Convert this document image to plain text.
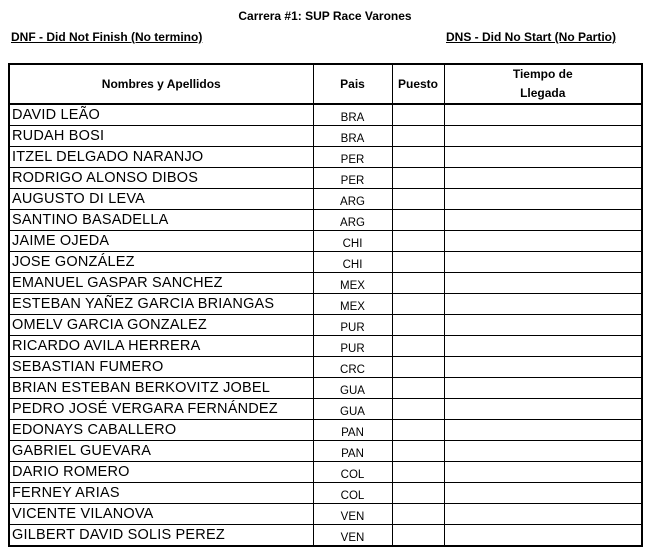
Carrera #1: SUP Race Varones
DNF - Did Not Finish (No termino)	DNS - Did No Start (No Partio)
Nombres y Apellidos	Pais	Puesto	Tiempo de
Llegada

DAVID LEÃO	BRA		
RUDAH BOSI	BRA		
ITZEL DELGADO NARANJO	PER		
RODRIGO ALONSO DIBOS	PER		
AUGUSTO DI LEVA	ARG		
SANTINO BASADELLA	ARG		
JAIME OJEDA	CHI		
JOSE GONZÁLEZ	CHI		
EMANUEL GASPAR SANCHEZ	MEX		
ESTEBAN YAÑEZ GARCIA BRIANGAS	MEX		
OMELV GARCIA GONZALEZ	PUR		
RICARDO AVILA HERRERA	PUR		
SEBASTIAN FUMERO	CRC		
BRIAN ESTEBAN BERKOVITZ JOBEL	GUA		
PEDRO JOSÉ VERGARA FERNÁNDEZ	GUA		
EDONAYS CABALLERO	PAN		
GABRIEL GUEVARA	PAN		
DARIO ROMERO	COL		
FERNEY ARIAS	COL		
VICENTE VILANOVA	VEN		
GILBERT DAVID SOLIS PEREZ	VEN		
